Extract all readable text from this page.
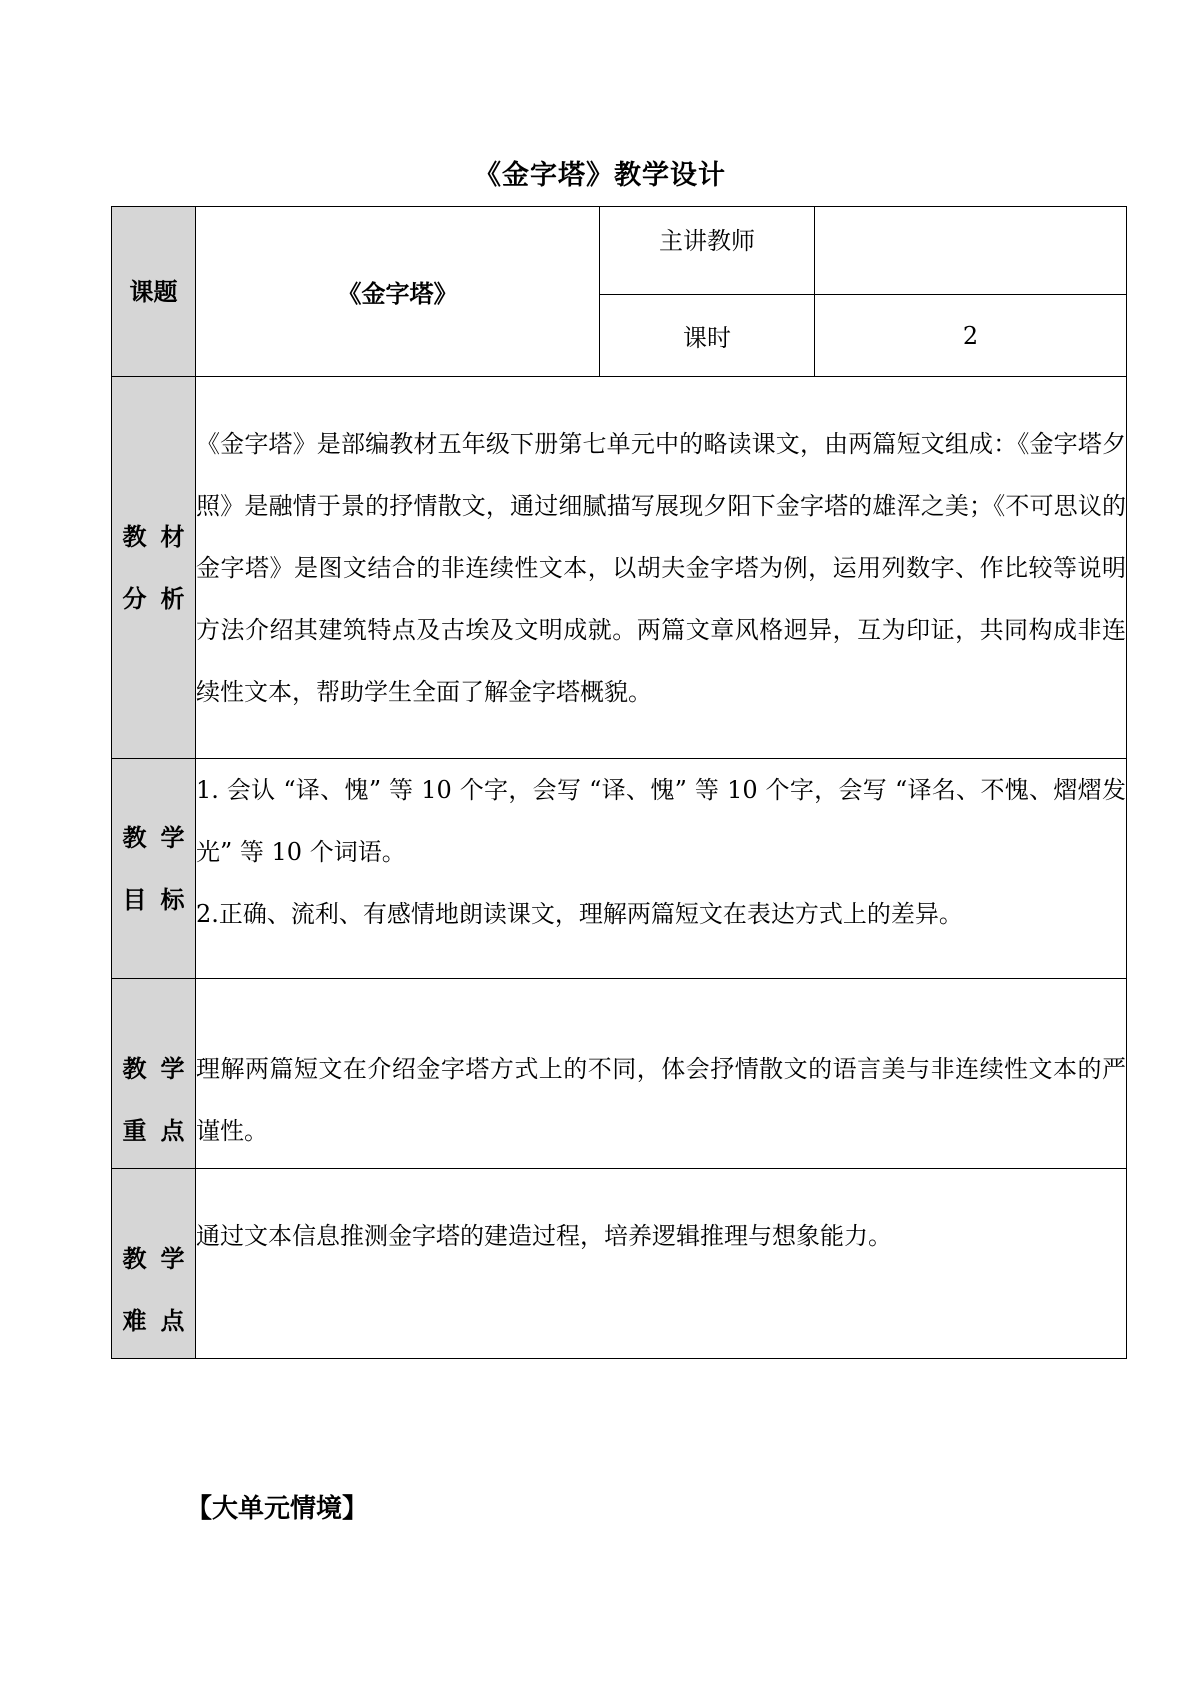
《金字塔》教学设计
课题	《金字塔》	主讲教师	
		课时	2

教材分析	《金字塔》是部编教材五年级下册第七单元中的略读课文，由两篇短文组成：《金字塔夕照》是融情于景的抒情散文，通过细腻描写展现夕阳下金字塔的雄浑之美；《不可思议的金字塔》是图文结合的非连续性文本，以胡夫金字塔为例，运用列数字、作比较等说明方法介绍其建筑特点及古埃及文明成就。两篇文章风格迥异，互为印证，共同构成非连续性文本，帮助学生全面了解金字塔概貌。		

教学目标	1. 会认 “译、愧” 等 10 个字，会写 “译、愧” 等 10 个字，会写 “译名、不愧、熠熠发光” 等 10 个词语。

2.正确、流利、有感情地朗读课文，理解两篇短文在表达方式上的差异。		

教学重点	理解两篇短文在介绍金字塔方式上的不同，体会抒情散文的语言美与非连续性文本的严谨性。		

教学难点	通过文本信息推测金字塔的建造过程，培养逻辑推理与想象能力。		
【大单元情境】
